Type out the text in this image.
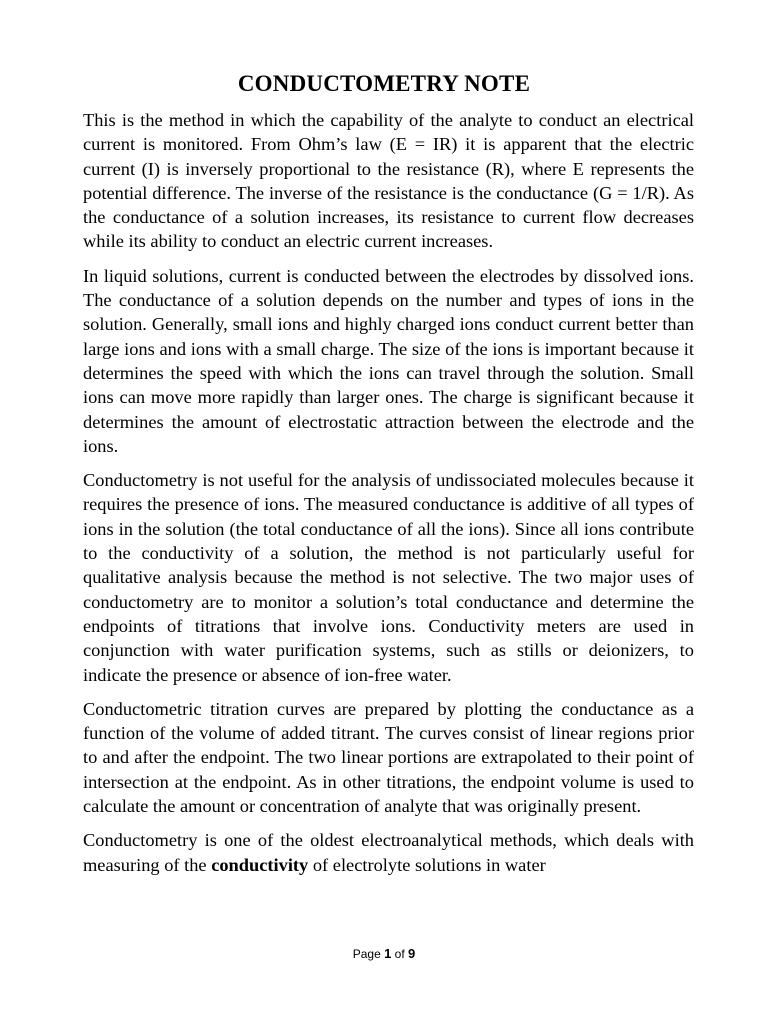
CONDUCTOMETRY NOTE

This is the method in which the capability of the analyte to conduct an electrical current is monitored. From Ohm’s law (E = IR) it is apparent that the electric current (I) is inversely proportional to the resistance (R), where E represents the potential difference. The inverse of the resistance is the conductance (G = 1/R). As the conductance of a solution increases, its resistance to current flow decreases while its ability to conduct an electric current increases.

In liquid solutions, current is conducted between the electrodes by dissolved ions. The conductance of a solution depends on the number and types of ions in the solution. Generally, small ions and highly charged ions conduct current better than large ions and ions with a small charge. The size of the ions is important because it determines the speed with which the ions can travel through the solution. Small ions can move more rapidly than larger ones. The charge is significant because it determines the amount of electrostatic attraction between the electrode and the ions.

Conductometry is not useful for the analysis of undissociated molecules because it requires the presence of ions. The measured conductance is additive of all types of ions in the solution (the total conductance of all the ions). Since all ions contribute to the conductivity of a solution, the method is not particularly useful for qualitative analysis because the method is not selective. The two major uses of conductometry are to monitor a solution’s total conductance and determine the endpoints of titrations that involve ions. Conductivity meters are used in conjunction with water purification systems, such as stills or deionizers, to indicate the presence or absence of ion-free water.

Conductometric titration curves are prepared by plotting the conductance as a function of the volume of added titrant. The curves consist of linear regions prior to and after the endpoint. The two linear portions are extrapolated to their point of intersection at the endpoint. As in other titrations, the endpoint volume is used to calculate the amount or concentration of analyte that was originally present.

Conductometry is one of the oldest electroanalytical methods, which deals with measuring of the conductivity of electrolyte solutions in water

Page 1 of 9
